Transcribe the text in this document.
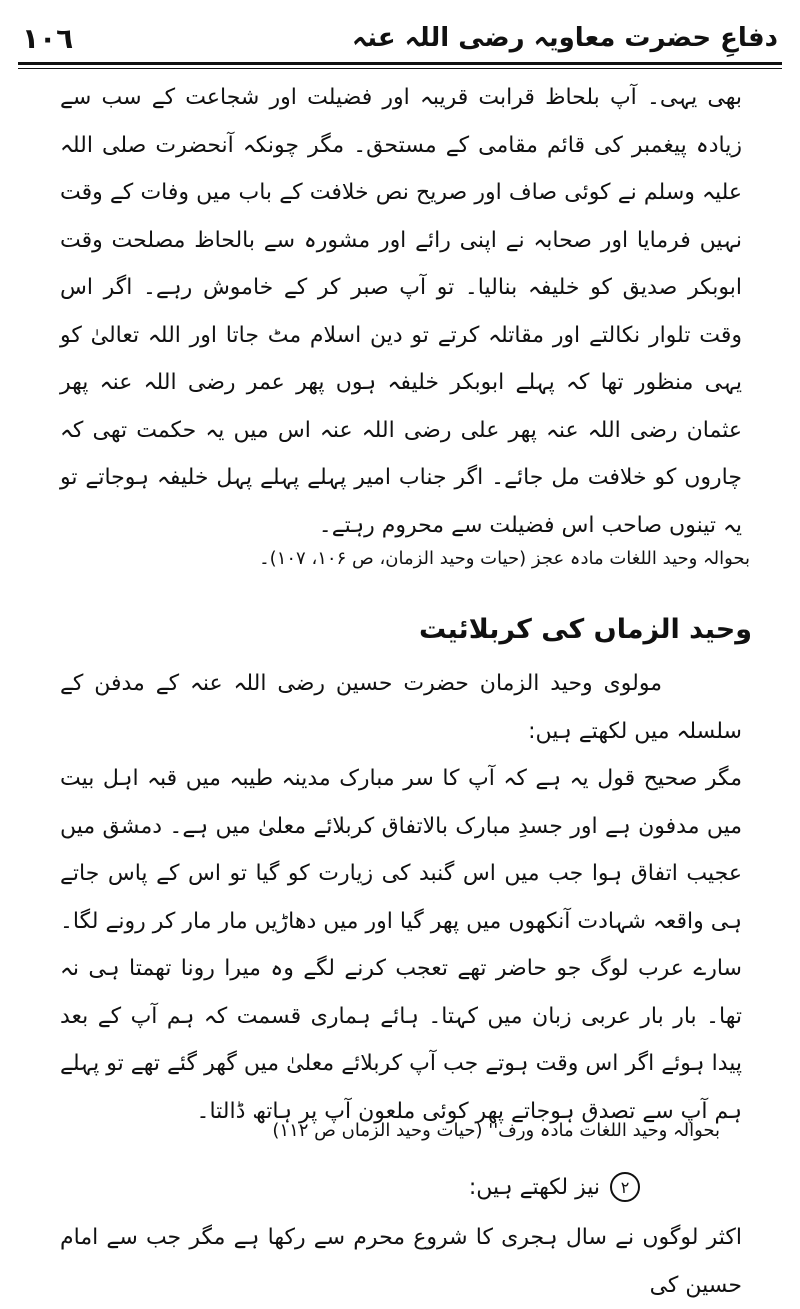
١٠٦	دفاعِ حضرت معاویہ رضی اللہ عنہ

بھی یہی۔ آپ بلحاظ قرابت قریبہ اور فضیلت اور شجاعت کے سب سے زیادہ پیغمبر کی قائم مقامی کے مستحق۔ مگر چونکہ آنحضرت صلی اللہ علیہ وسلم نے کوئی صاف اور صریح نص خلافت کے باب میں وفات کے وقت نہیں فرمایا اور صحابہ نے اپنی رائے اور مشورہ سے بالحاظ مصلحت وقت ابوبکر صدیق کو خلیفہ بنالیا۔ تو آپ صبر کر کے خاموش رہے۔ اگر اس وقت تلوار نکالتے اور مقاتلہ کرتے تو دین اسلام مٹ جاتا اور اللہ تعالیٰ کو یہی منظور تھا کہ پہلے ابوبکر خلیفہ ہوں پھر عمر رضی اللہ عنہ پھر عثمان رضی اللہ عنہ پھر علی رضی اللہ عنہ اس میں یہ حکمت تھی کہ چاروں کو خلافت مل جائے۔ اگر جناب امیر پہلے پہلے پہل خلیفہ ہوجاتے تو یہ تینوں صاحب اس فضیلت سے محروم رہتے۔

بحوالہ وحید اللغات مادہ عجز (حیات وحید الزمان، ص ۱۰۶، ۱۰۷)۔

وحید الزماں کی کربلائیت
مولوی وحید الزمان حضرت حسین رضی اللہ عنہ کے مدفن کے سلسلہ میں لکھتے ہیں:
مگر صحیح قول یہ ہے کہ آپ کا سر مبارک مدینہ طیبہ میں قبہ اہل بیت میں مدفون ہے اور جسدِ مبارک بالاتفاق کربلائے معلیٰ میں ہے۔ دمشق میں عجیب اتفاق ہوا جب میں اس گنبد کی زیارت کو گیا تو اس کے پاس جاتے ہی واقعہ شہادت آنکھوں میں پھر گیا اور میں دھاڑیں مار مار کر رونے لگا۔ سارے عرب لوگ جو حاضر تھے تعجب کرنے لگے وہ میرا رونا تھمتا ہی نہ تھا۔ بار بار عربی زبان میں کہتا۔ ہائے ہماری قسمت کہ ہم آپ کے بعد پیدا ہوئے اگر اس وقت ہوتے جب آپ کربلائے معلیٰ میں گھر گئے تھے تو پہلے ہم آپ سے تصدق ہوجاتے پھر کوئی ملعون آپ پر ہاتھ ڈالتا۔

بحوالہ وحید اللغات مادہ ورف'' (حیات وحید الزماں ص ۱۱۲)

۲
نیز لکھتے ہیں:

اکثر لوگوں نے سال ہجری کا شروع محرم سے رکھا ہے مگر جب سے امام حسین کی
